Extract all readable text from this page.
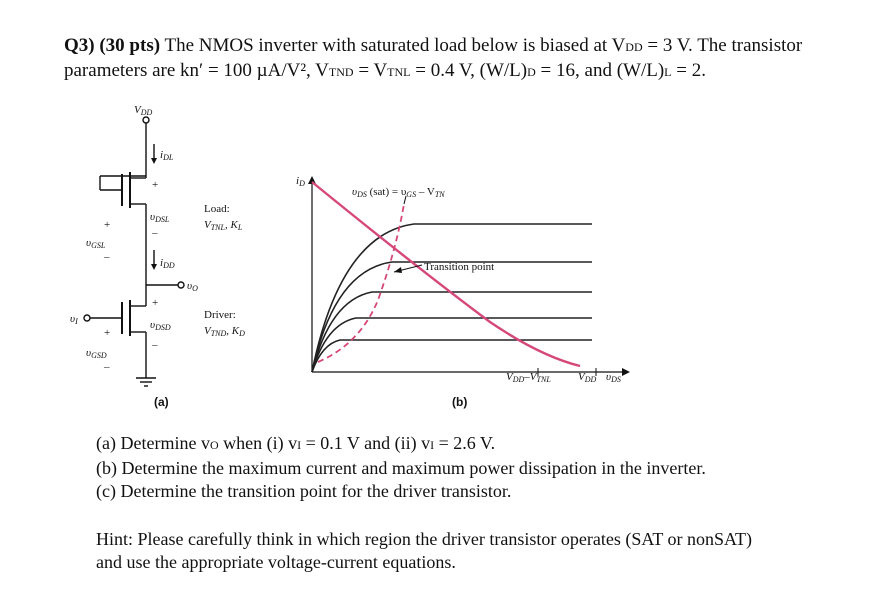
Q3) (30 pts) The NMOS inverter with saturated load below is biased at VDD = 3 V. The transistor
parameters are kn′ = 100 µA/V², VTND = VTNL = 0.4 V, (W/L)D = 16, and (W/L)L = 2.
VDD
iDL
+
υDSL
–
+
υGSL
–	iDD
υO
+
υDSD
–
υI
+
υGSD
–
Load:
VTNL, KL
Driver:
VTND, KD
(a)
iD
υDS (sat) = υGS – VTN
Transition point
VDD–VTNL VDD υDS
(b)
(a) Determine vO when (i) vI = 0.1 V and (ii) vI = 2.6 V.
(b) Determine the maximum current and maximum power dissipation in the inverter.
(c) Determine the transition point for the driver transistor.
Hint: Please carefully think in which region the driver transistor operates (SAT or nonSAT)
and use the appropriate voltage-current equations.
